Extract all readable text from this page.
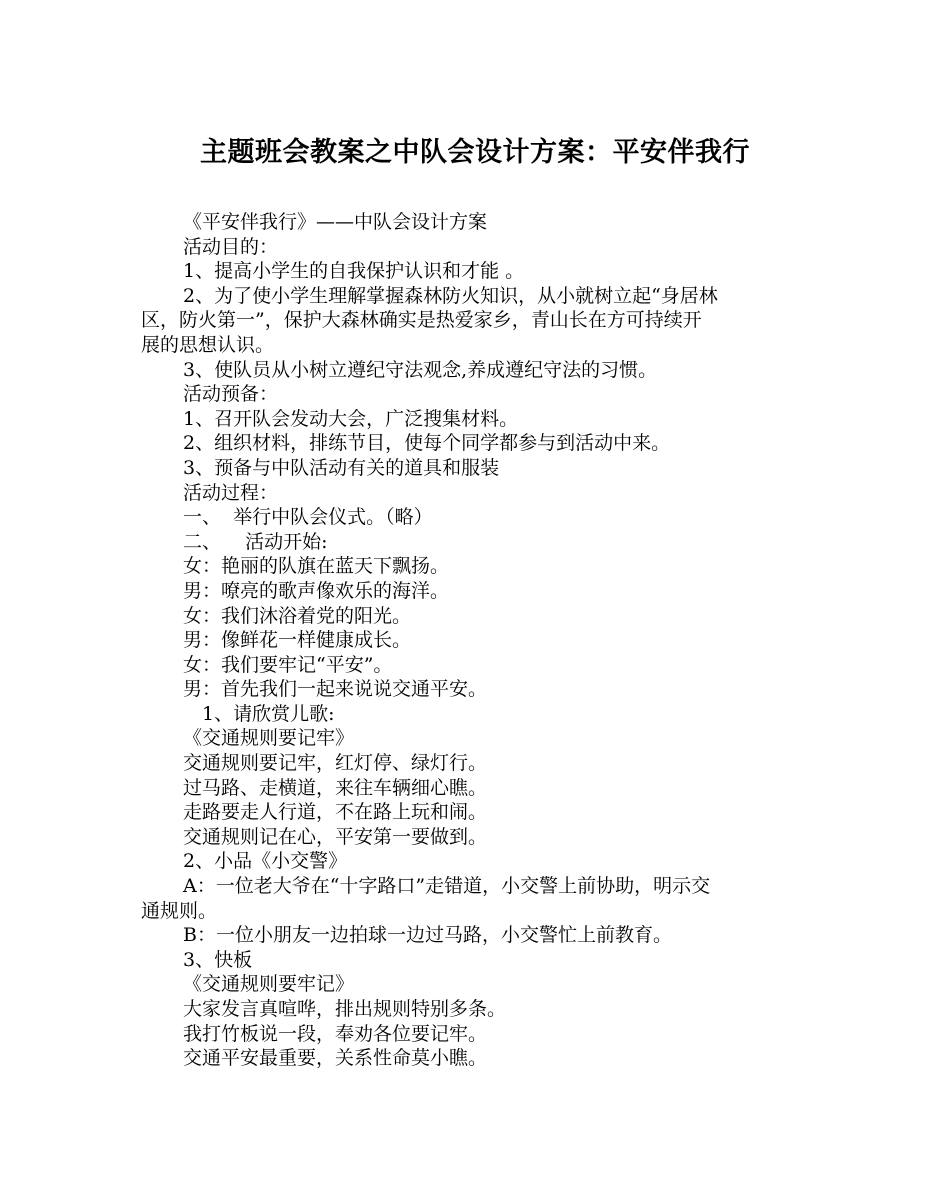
主题班会教案之中队会设计方案：平安伴我行
《平安伴我行》——中队会设计方案
活动目的：
1、提高小学生的自我保护认识和才能 。
2、为了使小学生理解掌握森林防火知识，从小就树立起“身居林
区，防火第一”，保护大森林确实是热爱家乡，青山长在方可持续开
展的思想认识。
3、使队员从小树立遵纪守法观念,养成遵纪守法的习惯。
活动预备：
1、召开队会发动大会，广泛搜集材料。
2、组织材料，排练节目，使每个同学都参与到活动中来。
3、预备与中队活动有关的道具和服装
活动过程：
一、  举行中队会仪式。（略）
二、    活动开始:
女：艳丽的队旗在蓝天下飘扬。
男：嘹亮的歌声像欢乐的海洋。
女：我们沐浴着党的阳光。
男：像鲜花一样健康成长。
女：我们要牢记“平安”。
男：首先我们一起来说说交通平安。
1、请欣赏儿歌:
《交通规则要记牢》
交通规则要记牢，红灯停、绿灯行。
过马路、走横道，来往车辆细心瞧。
走路要走人行道，不在路上玩和闹。
交通规则记在心，平安第一要做到。
2、小品《小交警》
A：一位老大爷在“十字路口”走错道，小交警上前协助，明示交
通规则。
B：一位小朋友一边拍球一边过马路，小交警忙上前教育。
3、快板
《交通规则要牢记》
大家发言真喧哗，排出规则特别多条。
我打竹板说一段，奉劝各位要记牢。
交通平安最重要，关系性命莫小瞧。
